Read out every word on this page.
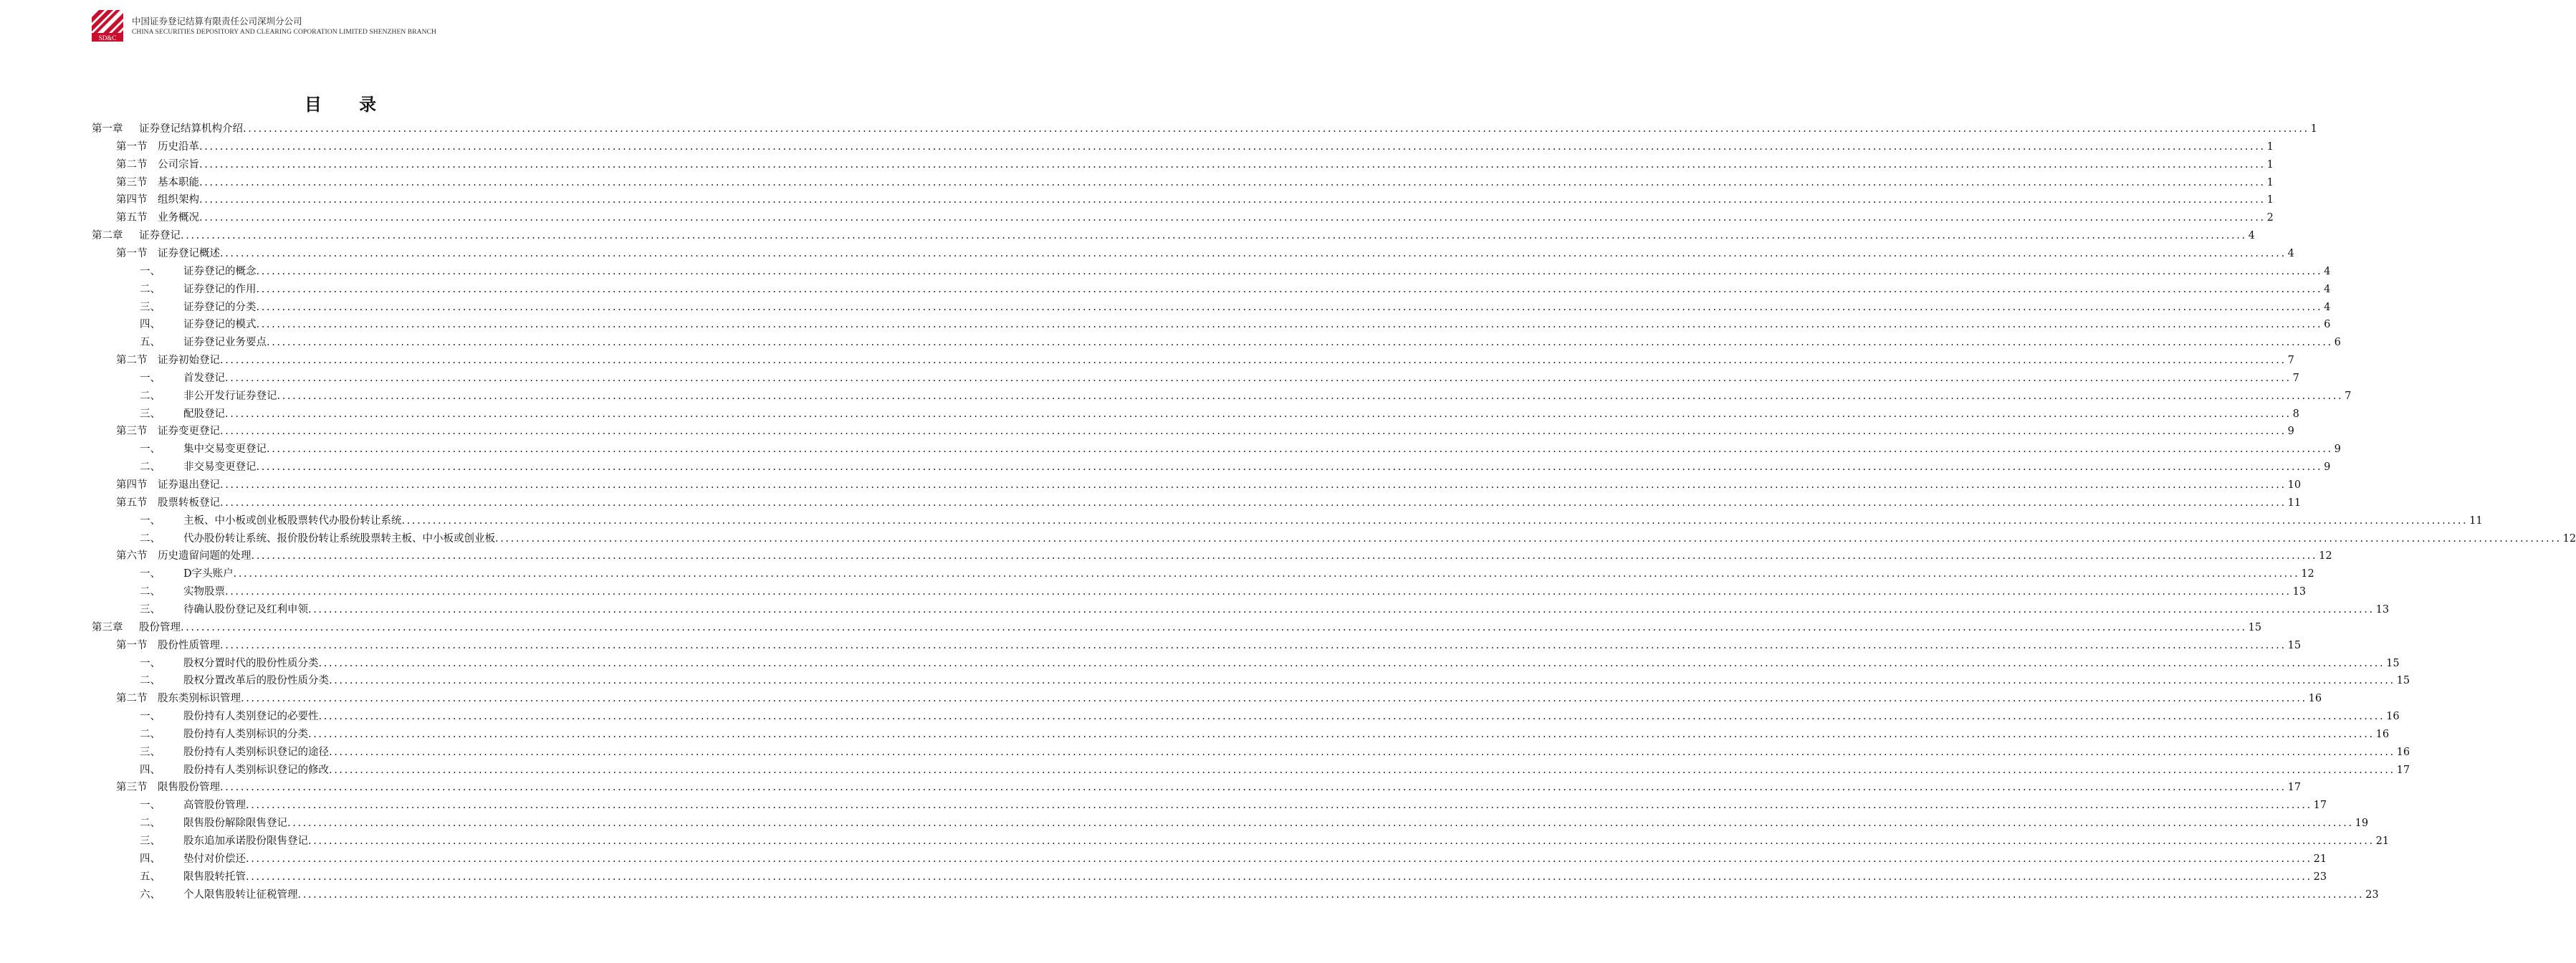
SD&C
中国证券登记结算有限责任公司深圳分公司
CHINA SECURITIES DEPOSITORY AND CLEARING COPORATION LIMITED SHENZHEN BRANCH
目 录
第一章	证券登记结算机构介绍 ................................................................................................................................................................................................................................................................................................................................................................................................................ 1
第一节	历史沿革 ................................................................................................................................................................................................................................................................................................................................................................................................................ 1
第二节	公司宗旨 ................................................................................................................................................................................................................................................................................................................................................................................................................ 1
第三节	基本职能 ................................................................................................................................................................................................................................................................................................................................................................................................................ 1
第四节	组织架构 ................................................................................................................................................................................................................................................................................................................................................................................................................ 1
第五节	业务概况 ................................................................................................................................................................................................................................................................................................................................................................................................................ 2
第二章	证券登记 ................................................................................................................................................................................................................................................................................................................................................................................................................ 4
第一节	证券登记概述 ................................................................................................................................................................................................................................................................................................................................................................................................................ 4
一、	证券登记的概念 ................................................................................................................................................................................................................................................................................................................................................................................................................ 4
二、	证券登记的作用 ................................................................................................................................................................................................................................................................................................................................................................................................................ 4
三、	证券登记的分类 ................................................................................................................................................................................................................................................................................................................................................................................................................ 4
四、	证券登记的模式 ................................................................................................................................................................................................................................................................................................................................................................................................................ 6
五、	证券登记业务要点 ................................................................................................................................................................................................................................................................................................................................................................................................................ 6
第二节	证券初始登记 ................................................................................................................................................................................................................................................................................................................................................................................................................ 7
一、	首发登记 ................................................................................................................................................................................................................................................................................................................................................................................................................ 7
二、	非公开发行证券登记 ................................................................................................................................................................................................................................................................................................................................................................................................................ 7
三、	配股登记 ................................................................................................................................................................................................................................................................................................................................................................................................................ 8
第三节	证券变更登记 ................................................................................................................................................................................................................................................................................................................................................................................................................ 9
一、	集中交易变更登记 ................................................................................................................................................................................................................................................................................................................................................................................................................ 9
二、	非交易变更登记 ................................................................................................................................................................................................................................................................................................................................................................................................................ 9
第四节	证券退出登记 ................................................................................................................................................................................................................................................................................................................................................................................................................ 10
第五节	股票转板登记 ................................................................................................................................................................................................................................................................................................................................................................................................................ 11
一、	主板、中小板或创业板股票转代办股份转让系统 ................................................................................................................................................................................................................................................................................................................................................................................................................ 11
二、	代办股份转让系统、报价股份转让系统股票转主板、中小板或创业板 ................................................................................................................................................................................................................................................................................................................................................................................................................ 12
第六节	历史遗留问题的处理 ................................................................................................................................................................................................................................................................................................................................................................................................................ 12
一、	D字头账户 ................................................................................................................................................................................................................................................................................................................................................................................................................ 12
二、	实物股票 ................................................................................................................................................................................................................................................................................................................................................................................................................ 13
三、	待确认股份登记及红利申领 ................................................................................................................................................................................................................................................................................................................................................................................................................ 13
第三章	股份管理 ................................................................................................................................................................................................................................................................................................................................................................................................................ 15
第一节	股份性质管理 ................................................................................................................................................................................................................................................................................................................................................................................................................ 15
一、	股权分置时代的股份性质分类 ................................................................................................................................................................................................................................................................................................................................................................................................................ 15
二、	股权分置改革后的股份性质分类 ................................................................................................................................................................................................................................................................................................................................................................................................................ 15
第二节	股东类别标识管理 ................................................................................................................................................................................................................................................................................................................................................................................................................ 16
一、	股份持有人类别登记的必要性 ................................................................................................................................................................................................................................................................................................................................................................................................................ 16
二、	股份持有人类别标识的分类 ................................................................................................................................................................................................................................................................................................................................................................................................................ 16
三、	股份持有人类别标识登记的途径 ................................................................................................................................................................................................................................................................................................................................................................................................................ 16
四、	股份持有人类别标识登记的修改 ................................................................................................................................................................................................................................................................................................................................................................................................................ 17
第三节	限售股份管理 ................................................................................................................................................................................................................................................................................................................................................................................................................ 17
一、	高管股份管理 ................................................................................................................................................................................................................................................................................................................................................................................................................ 17
二、	限售股份解除限售登记 ................................................................................................................................................................................................................................................................................................................................................................................................................ 19
三、	股东追加承诺股份限售登记 ................................................................................................................................................................................................................................................................................................................................................................................................................ 21
四、	垫付对价偿还 ................................................................................................................................................................................................................................................................................................................................................................................................................ 21
五、	限售股转托管 ................................................................................................................................................................................................................................................................................................................................................................................................................ 23
六、	个人限售股转让征税管理 ................................................................................................................................................................................................................................................................................................................................................................................................................ 23
